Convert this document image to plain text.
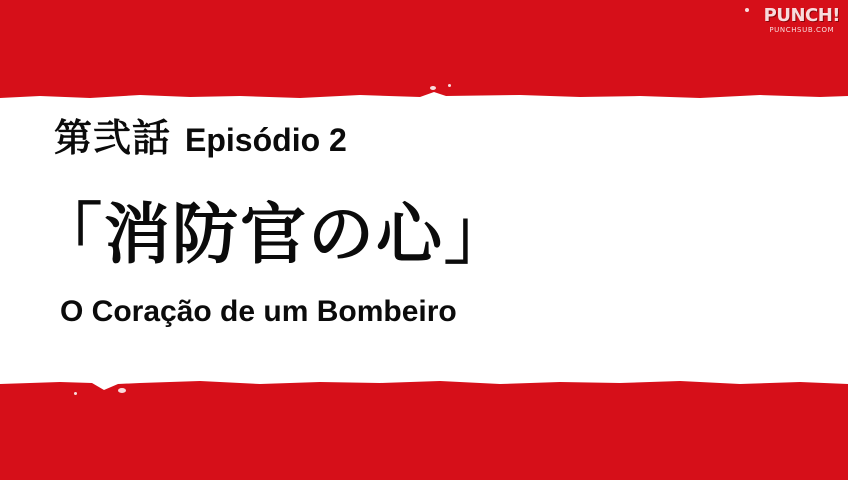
PUNCH!
PUNCHSUB.COM
第弐話 Episódio 2
「消防官の心」
O Coração de um Bombeiro
